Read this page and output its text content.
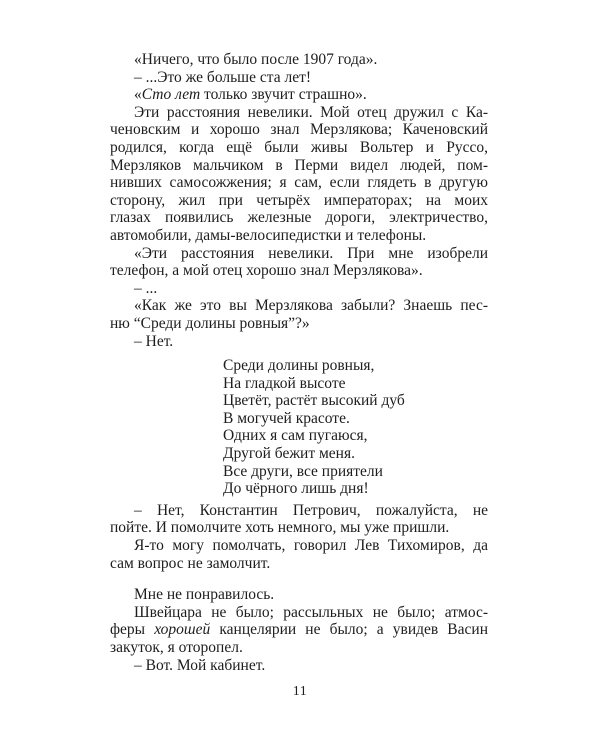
«Ничего, что было после 1907 года».
– ...Это же больше ста лет!
«Сто лет только звучит страшно».
Эти расстояния невелики. Мой отец дружил с Ка-
ченовским и хорошо знал Мерзлякова; Каченовский
родился, когда ещё были живы Вольтер и Руссо,
Мерзляков мальчиком в Перми видел людей, пом-
нивших самосожжения; я сам, если глядеть в другую
сторону, жил при четырёх императорах; на моих
глазах появились железные дороги, электричество,
автомобили, дамы-велосипедистки и телефоны.
«Эти расстояния невелики. При мне изобрели
телефон, а мой отец хорошо знал Мерзлякова».
– ...
«Как же это вы Мерзлякова забыли? Знаешь пес-
ню “Среди долины ровныя”?»
– Нет.
Среди долины ровныя,
На гладкой высоте
Цветёт, растёт высокий дуб
В могучей красоте.
Одних я сам пугаюся,
Другой бежит меня.
Все други, все приятели
До чёрного лишь дня!
– Нет, Константин Петрович, пожалуйста, не
пойте. И помолчите хоть немного, мы уже пришли.
Я-то могу помолчать, говорил Лев Тихомиров, да
сам вопрос не замолчит.
Мне не понравилось.
Швейцара не было; рассыльных не было; атмос-
феры хорошей канцелярии не было; а увидев Васин
закуток, я оторопел.
– Вот. Мой кабинет.
11
